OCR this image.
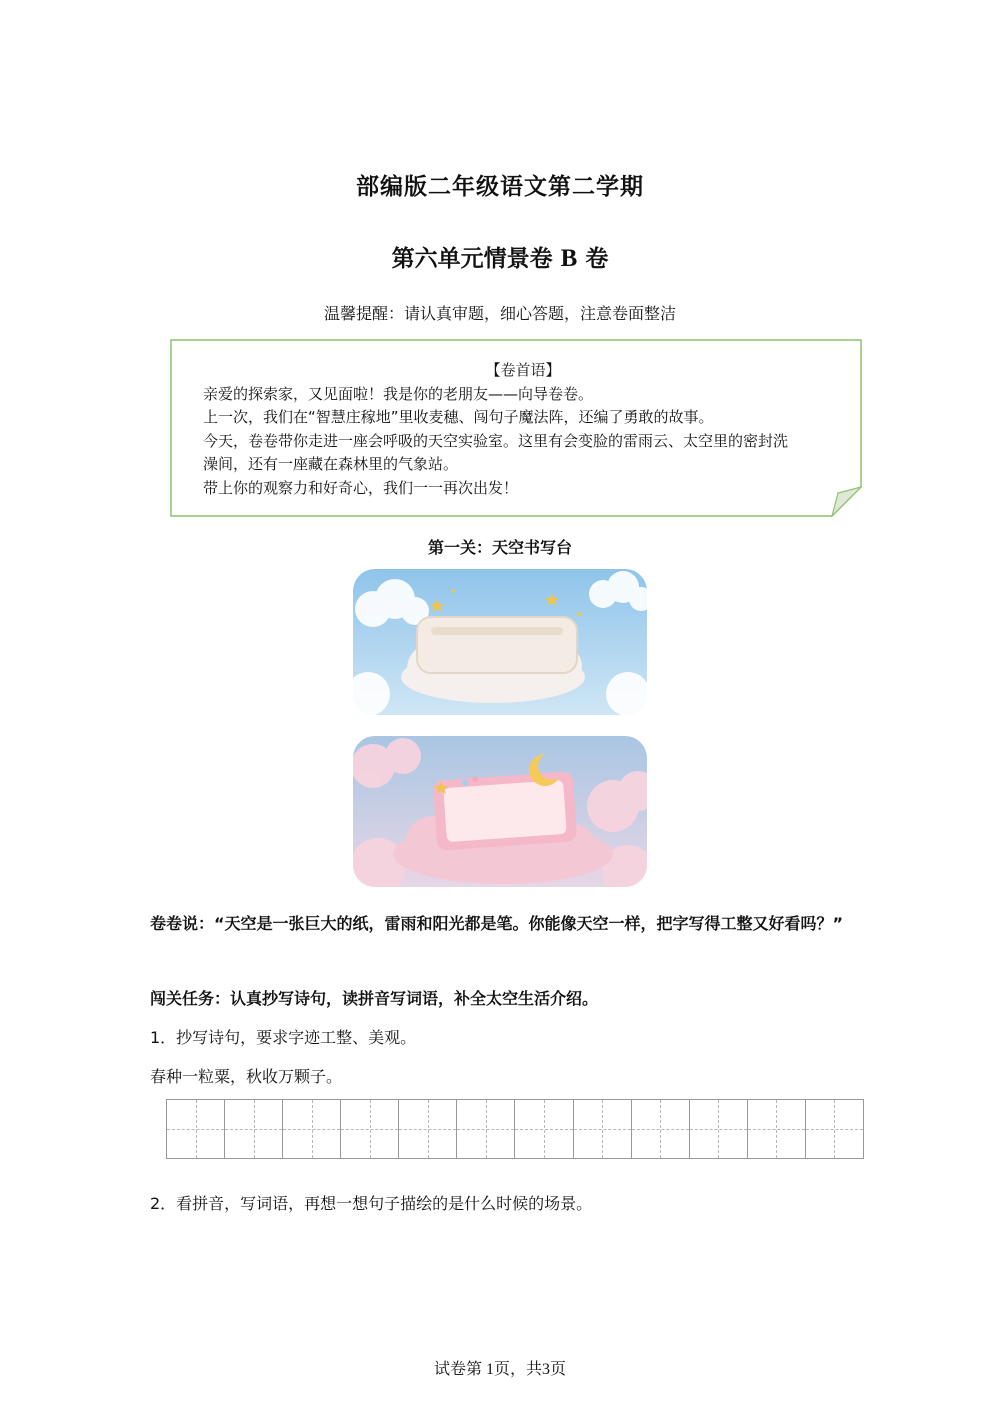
部编版二年级语文第二学期
第六单元情景卷 B 卷
温馨提醒：请认真审题，细心答题，注意卷面整洁
【卷首语】
亲爱的探索家，又见面啦！我是你的老朋友——向导卷卷。
上一次，我们在“智慧庄稼地”里收麦穗、闯句子魔法阵，还编了勇敢的故事。
今天，卷卷带你走进一座会呼吸的天空实验室。这里有会变脸的雷雨云、太空里的密封洗
澡间，还有一座藏在森林里的气象站。
带上你的观察力和好奇心，我们一一再次出发！
第一关：天空书写台
卷卷说：“天空是一张巨大的纸，雷雨和阳光都是笔。你能像天空一样，把字写得工整又好看吗？”
闯关任务：认真抄写诗句，读拼音写词语，补全太空生活介绍。
1．抄写诗句，要求字迹工整、美观。
春种一粒粟，秋收万颗子。
2．看拼音，写词语，再想一想句子描绘的是什么时候的场景。
试卷第 1页，共3页
